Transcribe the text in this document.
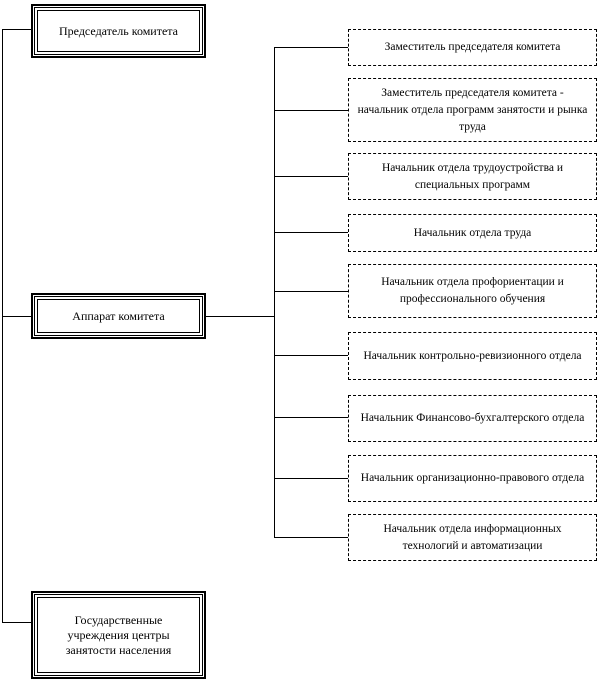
Председатель комитета
Аппарат комитета
Государственные учреждения центры занятости населения
Заместитель председателя комитета
Заместитель председателя комитета - начальник отдела программ занятости и рынка труда
Начальник отдела трудоустройства и специальных программ
Начальник отдела труда
Начальник отдела профориентации и профессионального обучения
Начальник контрольно-ревизионного отдела
Начальник Финансово-бухгалтерского отдела
Начальник организационно-правового отдела
Начальник отдела информационных технологий и автоматизации
